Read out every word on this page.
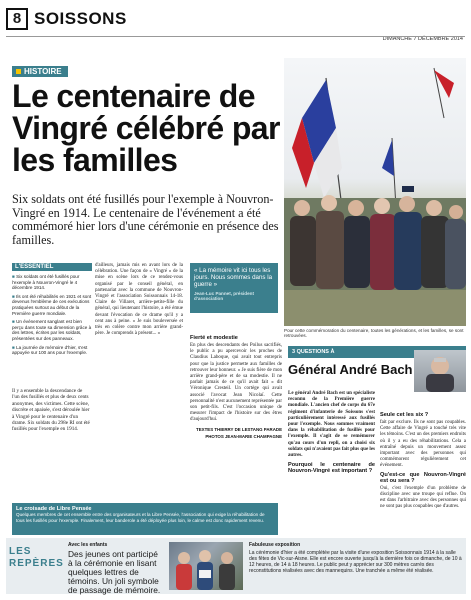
8 SOISSONS
DIMANCHE 7 DÉCEMBRE 2014
HISTOIRE
Le centenaire de Vingré célébré par les familles

Six soldats ont été fusillés pour l'exemple à Nouvron-Vingré en 1914. Le centenaire de l'événement a été commémoré hier lors d'une cérémonie en présence des familles.

Pour cette commémoration du centenaire, toutes les générations, et les familles, se sont retrouvées.
L'ESSENTIEL
■ Six soldats ont été fusillés pour l'exemple à Nouvron-Vingré le 4 décembre 1914.
■ Ils ont été réhabilités en 1921 et sont devenus l'emblème de ces exécutions pratiquées surtout au début de la Première guerre mondiale.
■ Un événement sanglant est bien perçu dans toute sa dimension grâce à des lettres, écrites par les soldats, présentées sur des panneaux.
■ La journée de mémoire d'hier, s'est appuyée sur 100 ans pour l'exemple.
d'ailleurs, jamais mis en avant lors de la célébration. Une façon de « Vingré » de la mise en scène lors de ce rendez-vous organisé par le conseil général, en partenariat avec la commune de Nouvron-Vingré et l'association Soissonnais 14-18. Claire de Villaret, arrière-petite-fille du général, qui lieutenant l'histoire, a été émue devant l'évocation de ce drame qu'il y a cent ans à peine. « Je suis bouleversée et très en colère contre mon arrière grand-père. Je comprends à présent... »
« La mémoire vit ici tous les jours. Nous sommes dans la guerre »
Jean-Luc Pannet, président d'association
Fierté et modestie
En plus des descendants des Poilus sacrifiés, le public a pu apercevoir les proches de Claudius Laboque, qui avait tout entrepris pour que la justice permette aux familles de retrouver leur honneur. « Je suis fière de mon arrière grand-père et de sa modestie. Il ne parlait jamais de ce qu'il avait fait » dit Véronique Cresteil. Un cortège qui avait associé l'avocat Jean Nicolaï. Cette personnalité n'est aucunement représentée par son petit-fils. C'est l'occasion unique de mesurer l'impact de l'histoire sur des êtres d'aujourd'hui.
TEXTES THIERRY DE LESTANG PARADE
PHOTOS JEAN-MARIE CHAMPAGNE
3 QUESTIONS À
Général André Bach
Le général André Bach est un spécialiste reconnu de la Première guerre mondiale. L'ancien chef de corps du 67e régiment d'infanterie de Soissons s'est particulièrement intéressé aux fusillés pour l'exemple. Nous sommes vraiment dans la réhabilitation de fusillés pour l'exemple. Il s'agit de se remémorer qu'au cours d'un repli, on a choisi six soldats qui n'avaient pas fait plus que les autres.
Pourquoi le centenaire de Nouvron-Vingré est important ?
Seule cet les six ?
fait par exclure. Ils ne sont pas coupables. Cette affaire de Vingré a touché très vite les témoins. C'est un des premiers endroits où il y a eu des réhabilitations. Cela a entraîné depuis un mouvement assez important avec des personnes qui commémorent régulièrement cet événement.
Qu'est-ce que Nouvron-Vingré est ou sera ?
Oui, c'est l'exemple d'un problème de discipline avec une troupe qui reflue. On est dans l'arbitraire avec des personnes qui ne sont pas plus coupables que d'autres.
Il y a ensemble la descendance de l'un des fusillés et plus de deux cents anonymes, des victimes. Cette scène, discrète et apaisée, s'est déroulée hier à Vingré pour le centenaire d'un drame. Six soldats du 298e RI ont été fusillés pour l'exemple en 1914.
Le croisade de Libre Pensée
Quelques membres de cet ensemble entre des organisateurs et la Libre Pensée, l'association qui exige la réhabilitation de tous les fusillés pour l'exemple. Finalement, leur banderole a été déployée plus loin, le calme est donc rapidement revenu.
LES REPÈRES
Avec les enfants
Des jeunes ont participé à la cérémonie en lisant quelques lettres de témoins. Un joli symbole de passage de mémoire.
Fabuleuse exposition
La cérémonie d'hier a été complétée par la visite d'une exposition Soissonnais 1914 à la salle des fêtes de Vic-sur-Aisne. Elle est encore ouverte jusqu'à la dernière fois ce dimanche, de 10 à 12 heures, de 14 à 18 heures. Le public peut y apprécier sur 300 mètres carrés des reconstitutions réalisées avec des mannequins. Une tranchée a même été réalisée.
